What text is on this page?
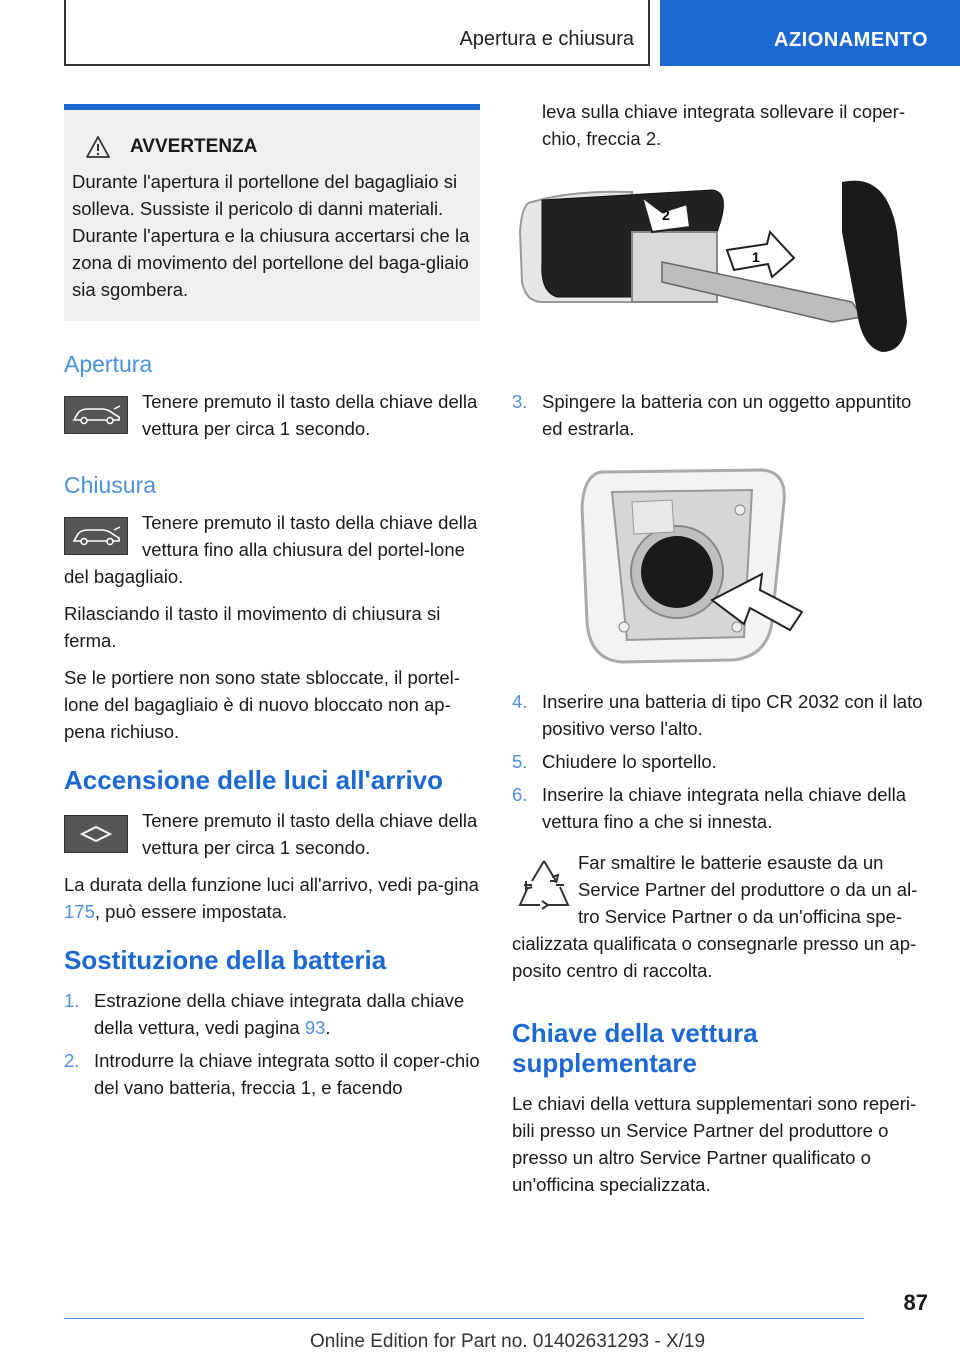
Apertura e chiusura	AZIONAMENTO
AVVERTENZA
Durante l'apertura il portellone del bagagliaio si solleva. Sussiste il pericolo di danni materiali. Durante l'apertura e la chiusura accertarsi che la zona di movimento del portellone del baga-gliaio sia sgombera.
Apertura

Tenere premuto il tasto della chiave della vettura per circa 1 secondo.

Chiusura

Tenere premuto il tasto della chiave della vettura fino alla chiusura del portel-lone del bagagliaio.

Rilasciando il tasto il movimento di chiusura si ferma.

Se le portiere non sono state sbloccate, il portel-lone del bagagliaio è di nuovo bloccato non ap-pena richiuso.

Accensione delle luci all'arrivo

Tenere premuto il tasto della chiave della vettura per circa 1 secondo.

La durata della funzione luci all'arrivo, vedi pa-gina 175, può essere impostata.

Sostituzione della batteria
1. Estrazione della chiave integrata dalla chiave della vettura, vedi pagina 93.
2. Introdurre la chiave integrata sotto il coper-chio del vano batteria, freccia 1, e facendo

leva sulla chiave integrata sollevare il coper-chio, freccia 2.

2
1
3. Spingere la batteria con un oggetto appuntito ed estrarla.
4. Inserire una batteria di tipo CR 2032 con il lato positivo verso l'alto.
5. Chiudere lo sportello.
6. Inserire la chiave integrata nella chiave della vettura fino a che si innesta.

Far smaltire le batterie esauste da un Service Partner del produttore o da un al-tro Service Partner o da un'officina spe-cializzata qualificata o consegnarle presso un ap-posito centro di raccolta.

Chiave della vettura supplementare

Le chiavi della vettura supplementari sono reperi-bili presso un Service Partner del produttore o presso un altro Service Partner qualificato o un'officina specializzata.

87
Online Edition for Part no. 01402631293 - X/19
